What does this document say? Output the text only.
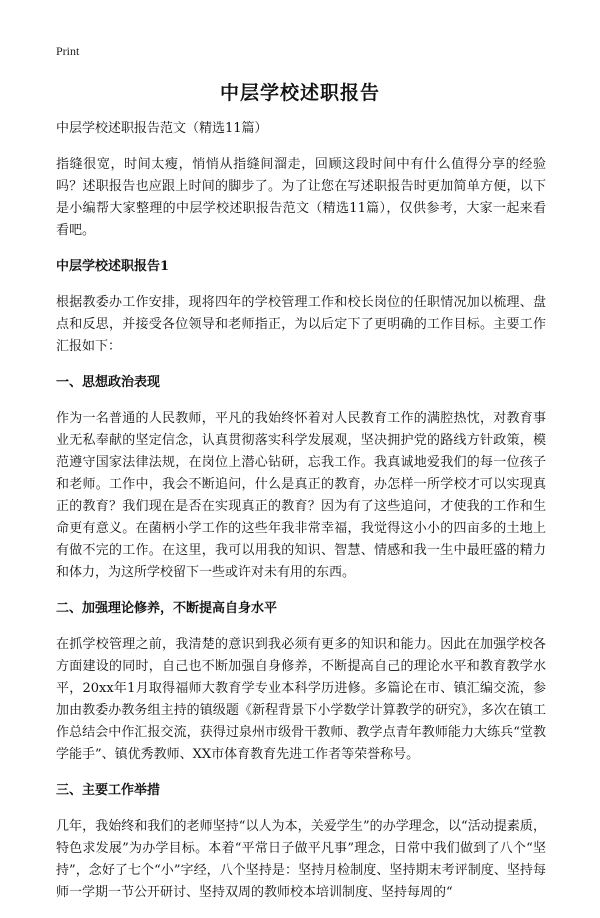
Print
中层学校述职报告

中层学校述职报告范文（精选11篇）

指缝很宽，时间太瘦，悄悄从指缝间溜走，回顾这段时间中有什么值得分享的经验吗？述职报告也应跟上时间的脚步了。为了让您在写述职报告时更加简单方便，以下是小编帮大家整理的中层学校述职报告范文（精选11篇），仅供参考，大家一起来看看吧。

中层学校述职报告1

根据教委办工作安排，现将四年的学校管理工作和校长岗位的任职情况加以梳理、盘点和反思，并接受各位领导和老师指正，为以后定下了更明确的工作目标。主要工作汇报如下：

一、思想政治表现

作为一名普通的人民教师，平凡的我始终怀着对人民教育工作的满腔热忱，对教育事业无私奉献的坚定信念，认真贯彻落实科学发展观，坚决拥护党的路线方针政策，模范遵守国家法律法规，在岗位上潜心钻研，忘我工作。我真诚地爱我们的每一位孩子和老师。工作中，我会不断追问，什么是真正的教育，办怎样一所学校才可以实现真正的教育？我们现在是否在实现真正的教育？因为有了这些追问，才使我的工作和生命更有意义。在菌柄小学工作的这些年我非常幸福，我觉得这小小的四亩多的土地上有做不完的工作。在这里，我可以用我的知识、智慧、情感和我一生中最旺盛的精力和体力，为这所学校留下一些或许对未有用的东西。

二、加强理论修养，不断提高自身水平

在抓学校管理之前，我清楚的意识到我必须有更多的知识和能力。因此在加强学校各方面建设的同时，自己也不断加强自身修养，不断提高自己的理论水平和教育教学水平，20xx年1月取得福师大教育学专业本科学历进修。多篇论在市、镇汇编交流，参加由教委办教务组主持的镇级题《新程背景下小学数学计算教学的研究》，多次在镇工作总结会中作汇报交流，获得过泉州市级骨干教师、教学点青年教师能力大练兵“堂教学能手”、镇优秀教师、XX市体育教育先进工作者等荣誉称号。

三、主要工作举措

几年，我始终和我们的老师坚持“以人为本，关爱学生”的办学理念，以“活动提素质，特色求发展”为办学目标。本着“平常日子做平凡事”理念，日常中我们做到了八个“坚持”，念好了七个“小”字经，八个坚持是：坚持月检制度、坚持期末考评制度、坚持每师一学期一节公开研讨、坚持双周的教师校本培训制度、坚持每周的“
